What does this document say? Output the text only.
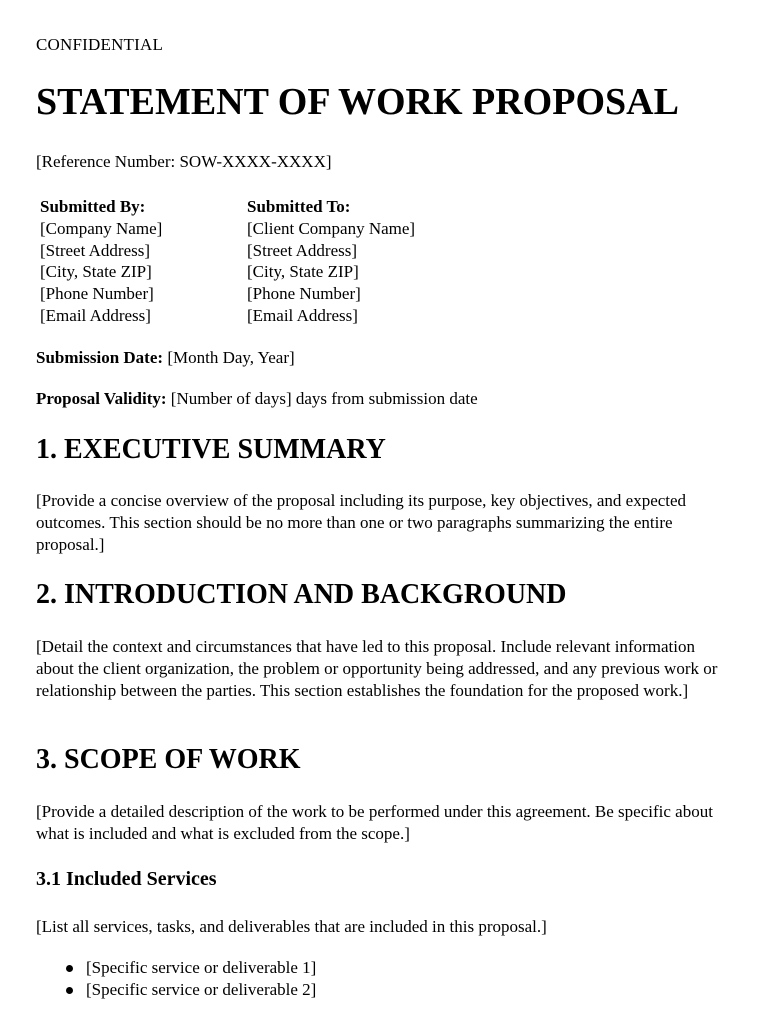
CONFIDENTIAL
STATEMENT OF WORK PROPOSAL
[Reference Number: SOW-XXXX-XXXX]
Submitted By:
[Company Name]
[Street Address]
[City, State ZIP]
[Phone Number]
[Email Address]
Submitted To:
[Client Company Name]
[Street Address]
[City, State ZIP]
[Phone Number]
[Email Address]
Submission Date: [Month Day, Year]
Proposal Validity: [Number of days] days from submission date
1. EXECUTIVE SUMMARY

[Provide a concise overview of the proposal including its purpose, key objectives, and expected outcomes. This section should be no more than one or two paragraphs summarizing the entire proposal.]

2. INTRODUCTION AND BACKGROUND

[Detail the context and circumstances that have led to this proposal. Include relevant information about the client organization, the problem or opportunity being addressed, and any previous work or relationship between the parties. This section establishes the foundation for the proposed work.]

3. SCOPE OF WORK

[Provide a detailed description of the work to be performed under this agreement. Be specific about what is included and what is excluded from the scope.]

3.1 Included Services

[List all services, tasks, and deliverables that are included in this proposal.]

[Specific service or deliverable 1]
[Specific service or deliverable 2]
